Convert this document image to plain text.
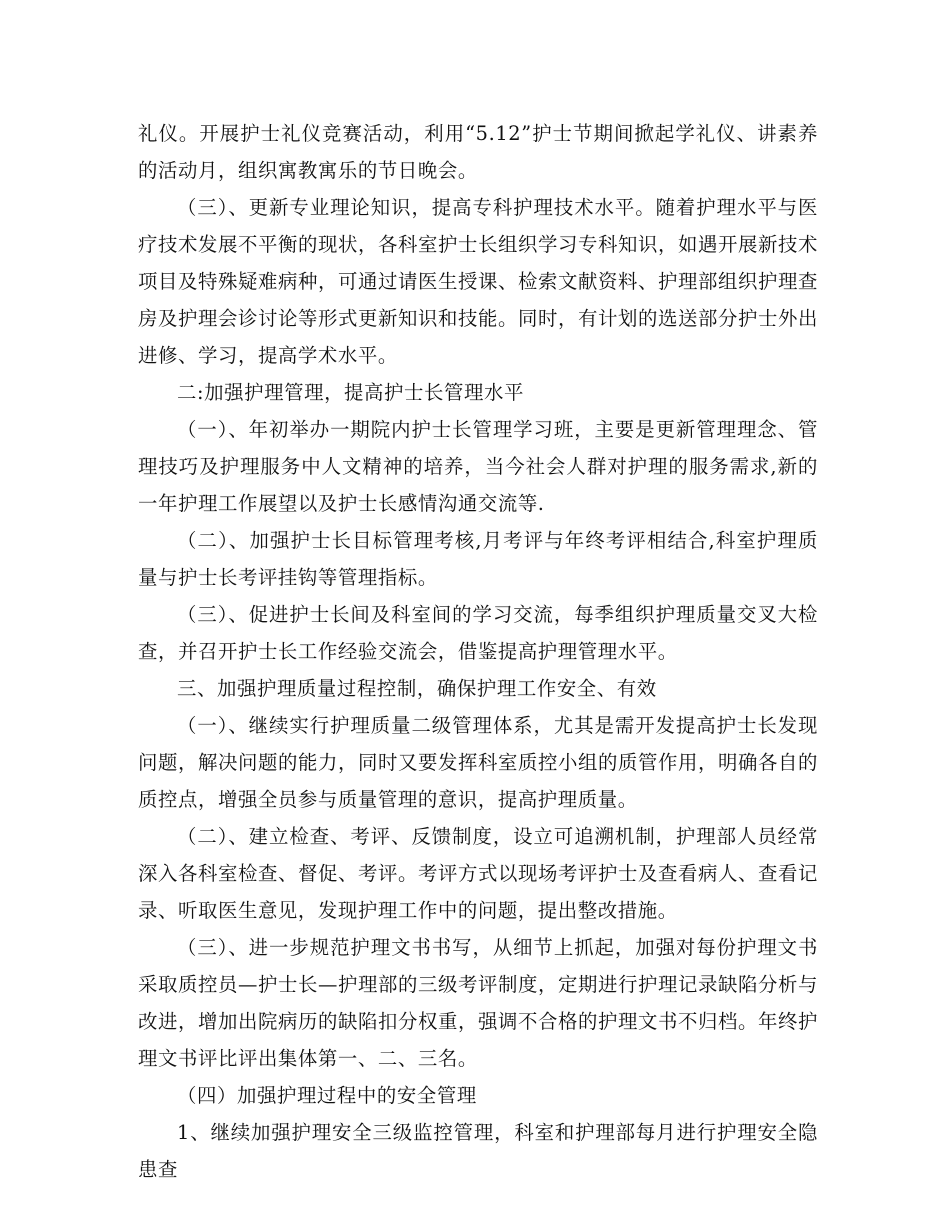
礼仪。开展护士礼仪竞赛活动，利用“5.12”护士节期间掀起学礼仪、讲素养的活动月，组织寓教寓乐的节日晚会。

（三）、更新专业理论知识，提高专科护理技术水平。随着护理水平与医疗技术发展不平衡的现状，各科室护士长组织学习专科知识，如遇开展新技术项目及特殊疑难病种，可通过请医生授课、检索文献资料、护理部组织护理查房及护理会诊讨论等形式更新知识和技能。同时，有计划的选送部分护士外出进修、学习，提高学术水平。

二:加强护理管理，提高护士长管理水平

（一）、年初举办一期院内护士长管理学习班，主要是更新管理理念、管理技巧及护理服务中人文精神的培养，当今社会人群对护理的服务需求,新的一年护理工作展望以及护士长感情沟通交流等.

（二）、加强护士长目标管理考核,月考评与年终考评相结合,科室护理质量与护士长考评挂钩等管理指标。

（三）、促进护士长间及科室间的学习交流，每季组织护理质量交叉大检查，并召开护士长工作经验交流会，借鉴提高护理管理水平。

三、加强护理质量过程控制，确保护理工作安全、有效

（一）、继续实行护理质量二级管理体系，尤其是需开发提高护士长发现问题，解决问题的能力，同时又要发挥科室质控小组的质管作用，明确各自的质控点，增强全员参与质量管理的意识，提高护理质量。

（二）、建立检查、考评、反馈制度，设立可追溯机制，护理部人员经常深入各科室检查、督促、考评。考评方式以现场考评护士及查看病人、查看记录、听取医生意见，发现护理工作中的问题，提出整改措施。

（三）、进一步规范护理文书书写，从细节上抓起，加强对每份护理文书采取质控员—护士长—护理部的三级考评制度，定期进行护理记录缺陷分析与改进，增加出院病历的缺陷扣分权重，强调不合格的护理文书不归档。年终护理文书评比评出集体第一、二、三名。

（四）加强护理过程中的安全管理

1、继续加强护理安全三级监控管理，科室和护理部每月进行护理安全隐患查
